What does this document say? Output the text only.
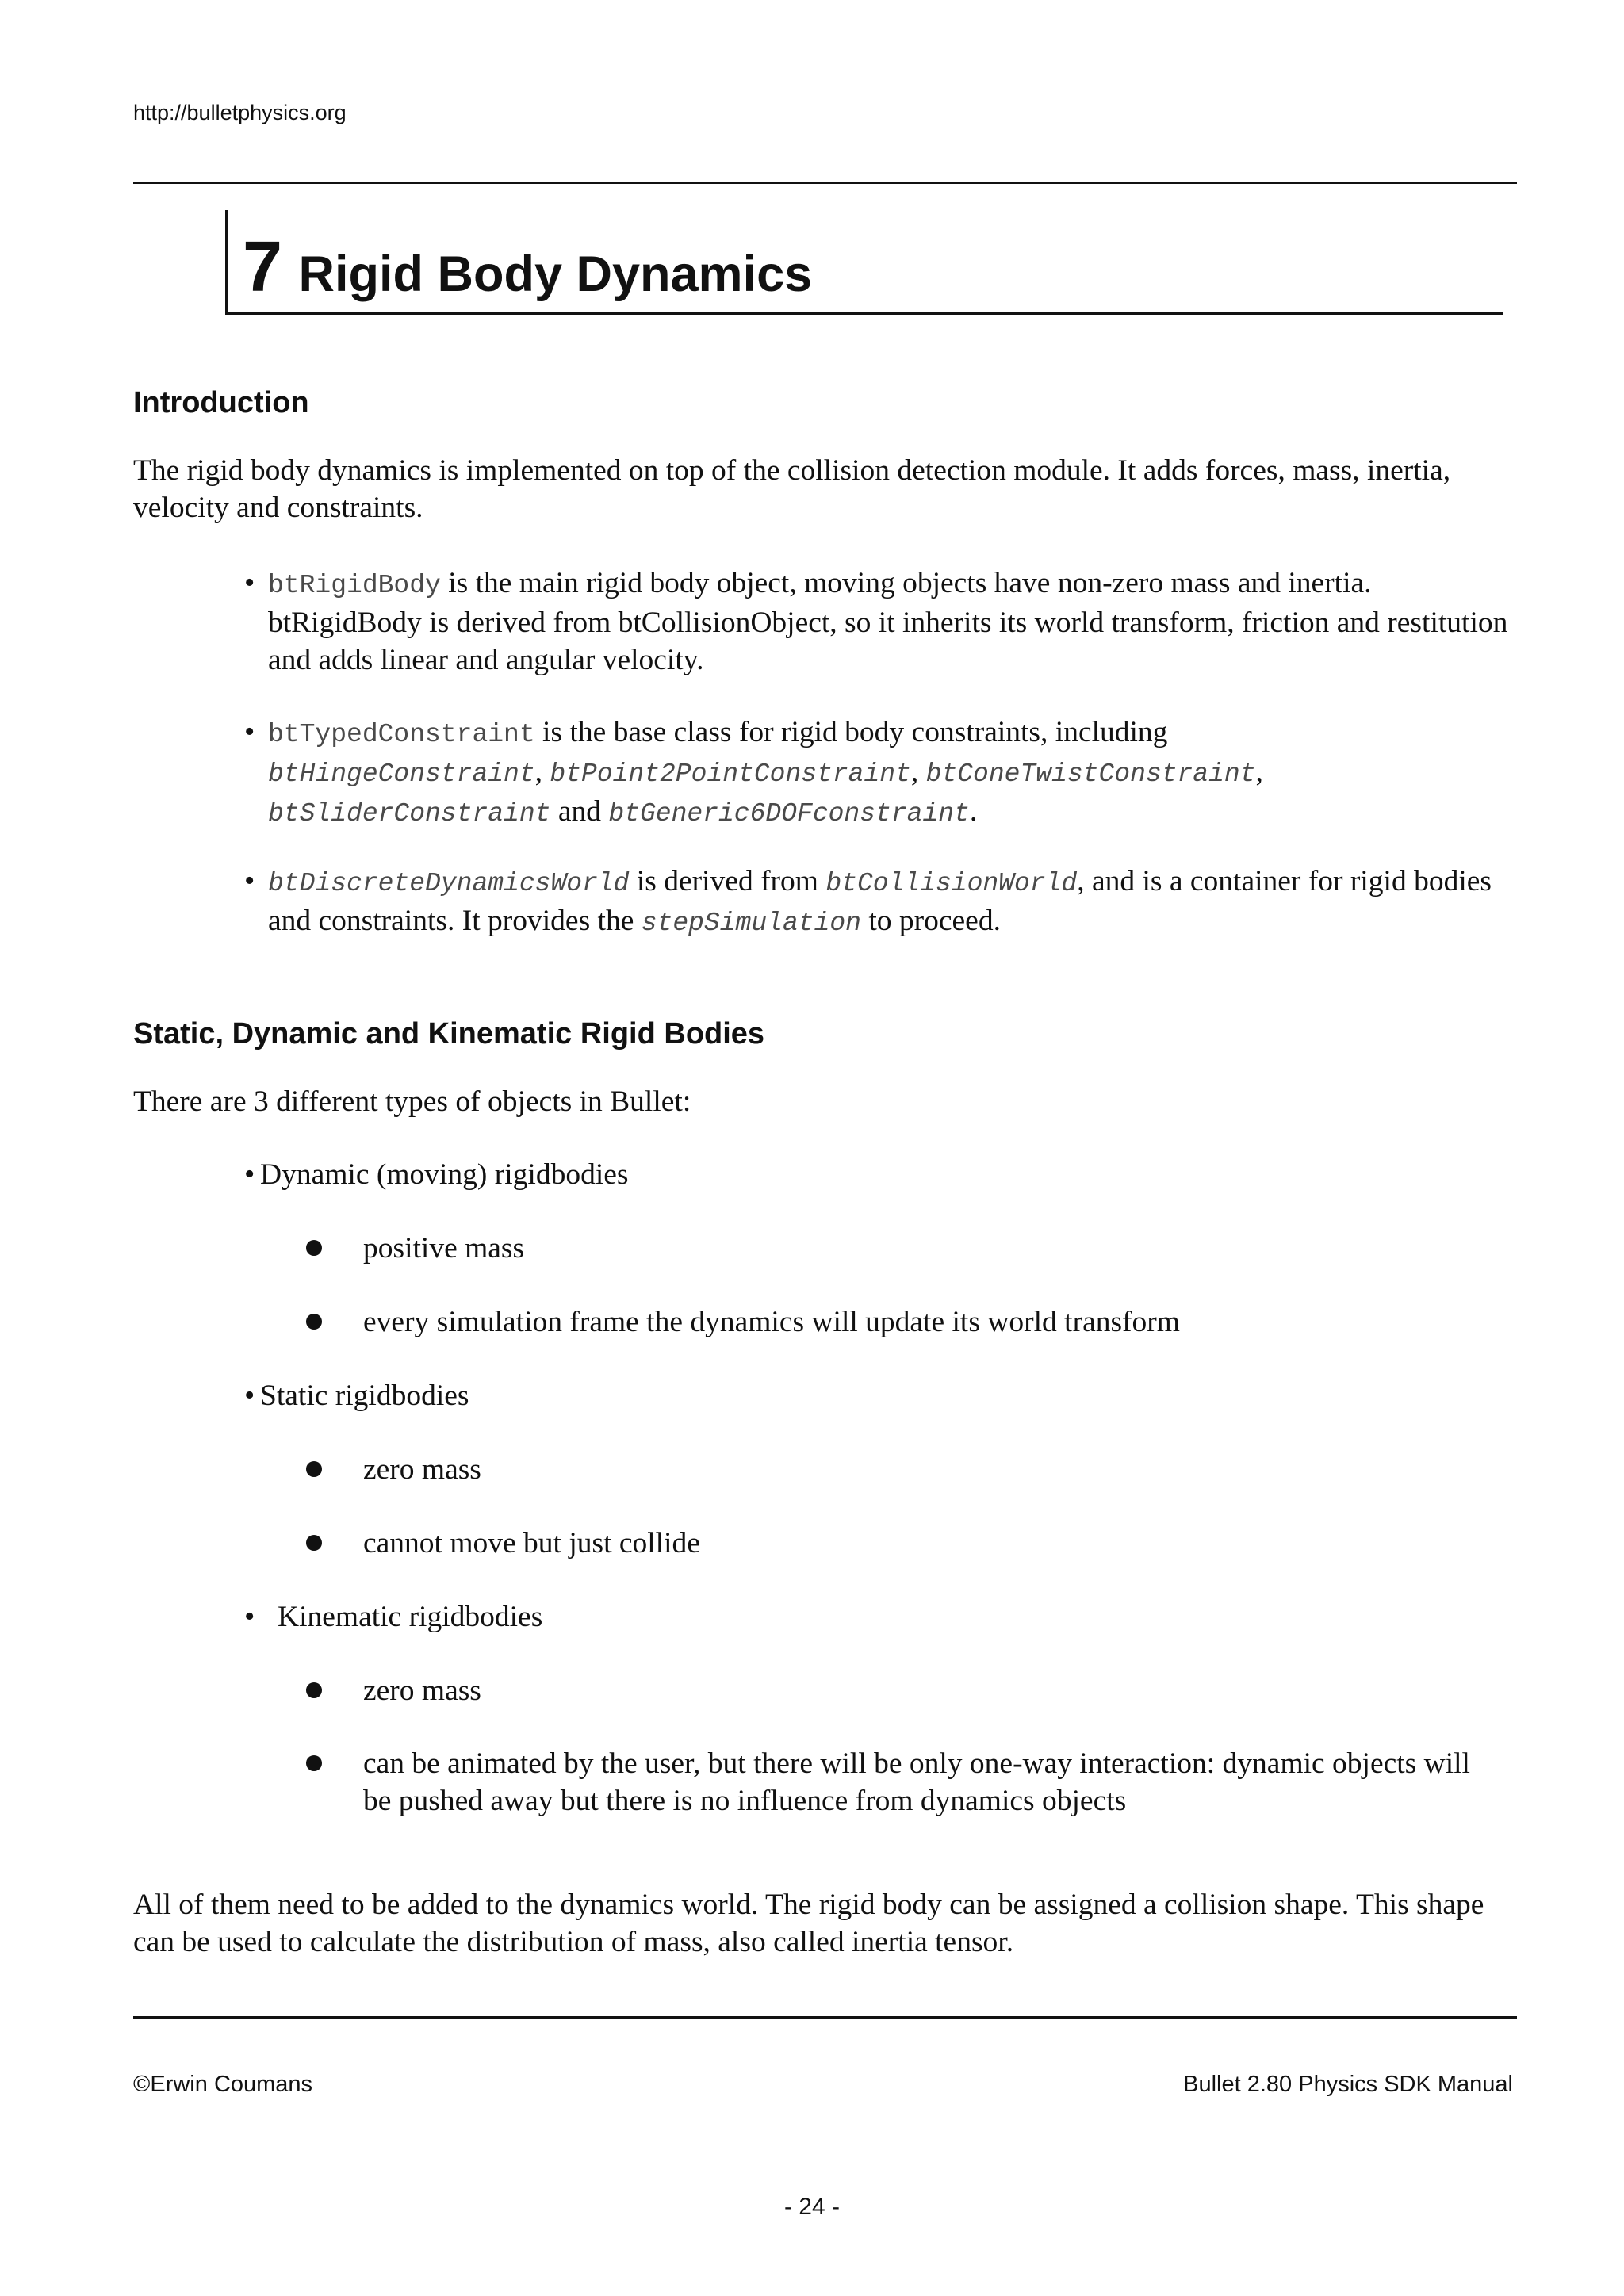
http://bulletphysics.org
7 Rigid Body Dynamics
Introduction
The rigid body dynamics is implemented on top of the collision detection module. It adds forces, mass, inertia, velocity and constraints.
• btRigidBody is the main rigid body object, moving objects have non-zero mass and inertia. btRigidBody is derived from btCollisionObject, so it inherits its world transform, friction and restitution and adds linear and angular velocity.
• btTypedConstraint is the base class for rigid body constraints, including
btHingeConstraint, btPoint2PointConstraint, btConeTwistConstraint,
btSliderConstraint and btGeneric6DOFconstraint.
• btDiscreteDynamicsWorld is derived from btCollisionWorld, and is a container for rigid bodies and constraints. It provides the stepSimulation to proceed.
Static, Dynamic and Kinematic Rigid Bodies
There are 3 different types of objects in Bullet:
• Dynamic (moving) rigidbodies
positive mass
every simulation frame the dynamics will update its world transform
• Static rigidbodies
zero mass
cannot move but just collide
• Kinematic rigidbodies
zero mass
can be animated by the user, but there will be only one-way interaction: dynamic objects will be pushed away but there is no influence from dynamics objects
All of them need to be added to the dynamics world. The rigid body can be assigned a collision shape. This shape can be used to calculate the distribution of mass, also called inertia tensor.
©Erwin Coumans	Bullet 2.80 Physics SDK Manual
- 24 -
